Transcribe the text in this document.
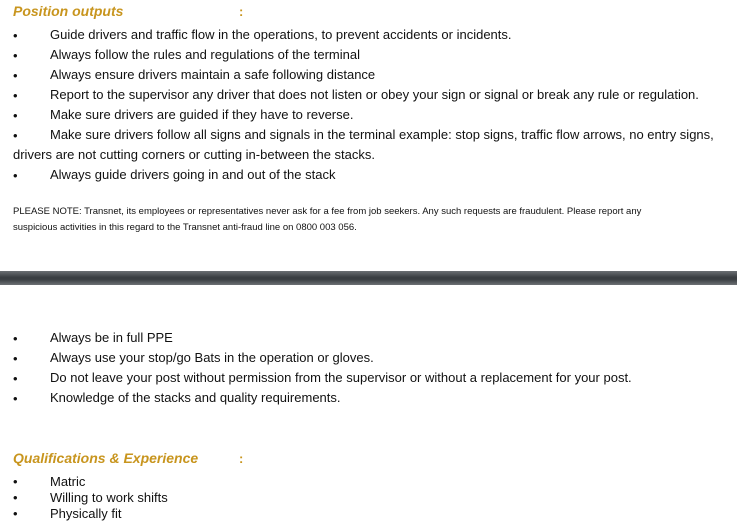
Position outputs	:
• Guide drivers and traffic flow in the operations, to prevent accidents or incidents.
• Always follow the rules and regulations of the terminal
• Always ensure drivers maintain a safe following distance
• Report to the supervisor any driver that does not listen or obey your sign or signal or break any rule or regulation.
• Make sure drivers are guided if they have to reverse.
• Make sure drivers follow all signs and signals in the terminal example: stop signs, traffic flow arrows, no entry signs,
drivers are not cutting corners or cutting in-between the stacks.
• Always guide drivers going in and out of the stack

PLEASE NOTE: Transnet, its employees or representatives never ask for a fee from job seekers. Any such requests are fraudulent. Please report any

suspicious activities in this regard to the Transnet anti-fraud line on 0800 003 056.

• Always be in full PPE
• Always use your stop/go Bats in the operation or gloves.
• Do not leave your post without permission from the supervisor or without a replacement for your post.
• Knowledge of the stacks and quality requirements.
Qualifications & Experience	:
• Matric
• Willing to work shifts
• Physically fit
